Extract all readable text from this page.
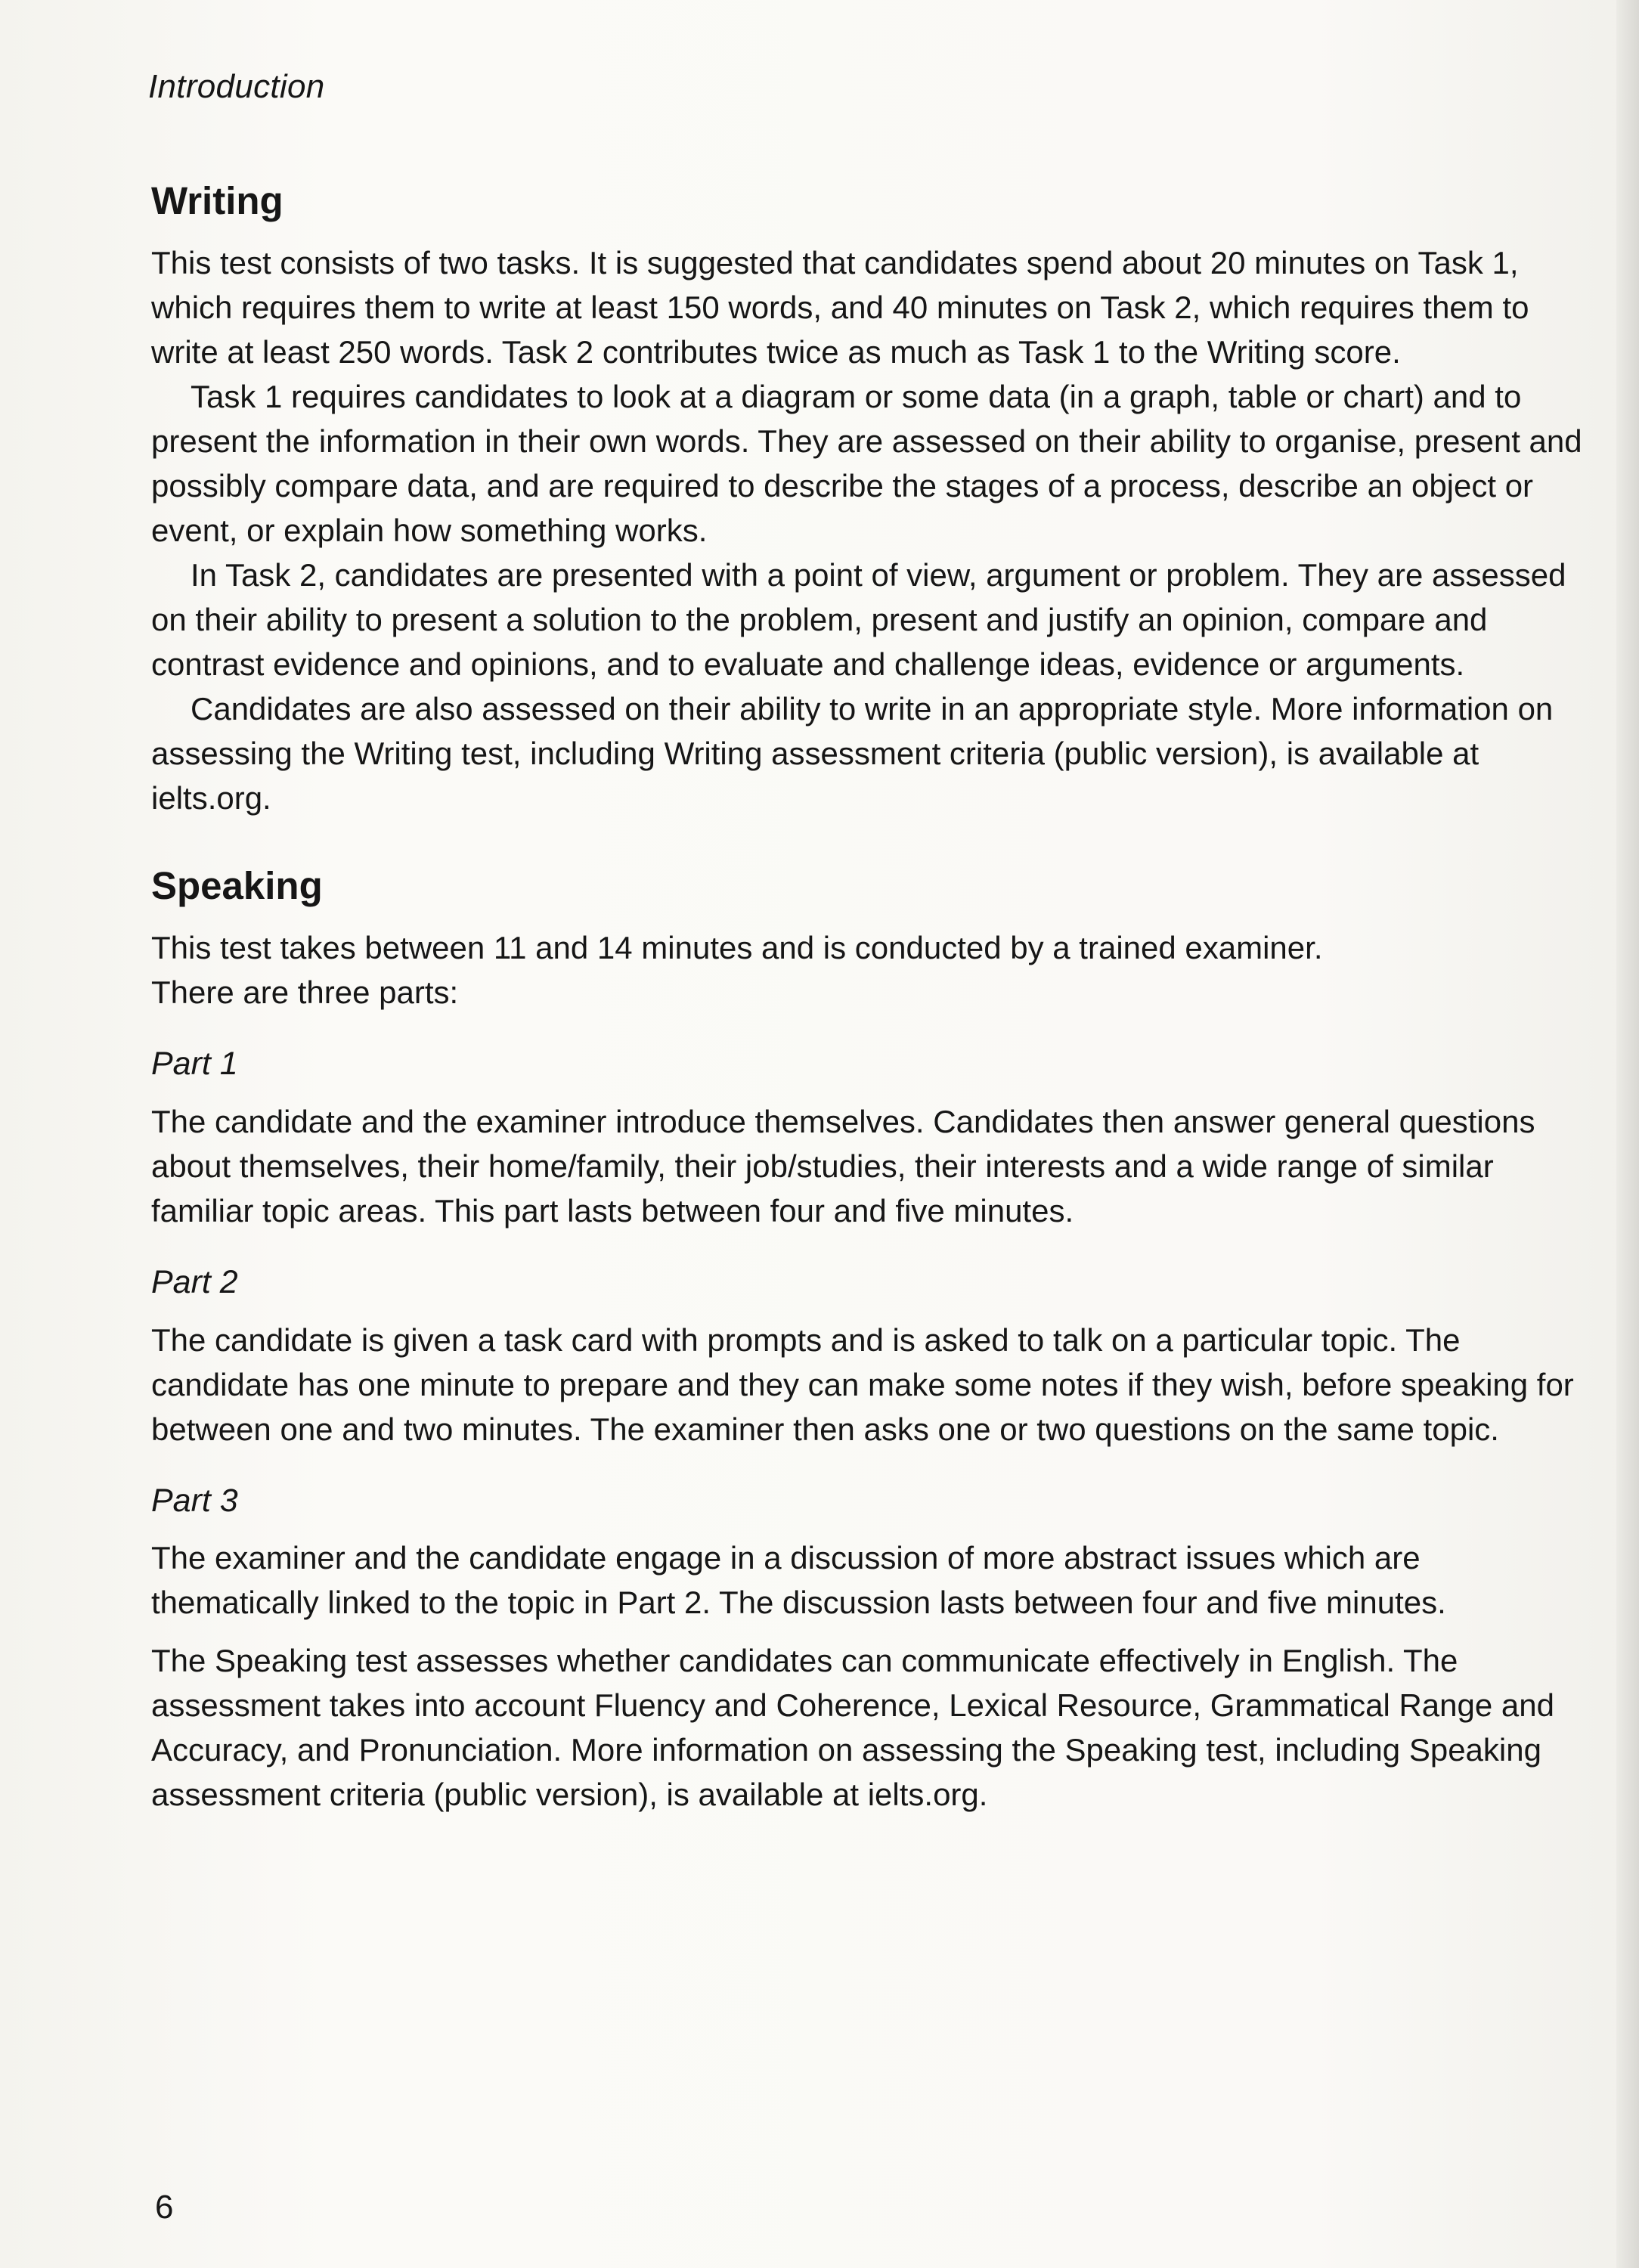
Introduction
Writing

This test consists of two tasks. It is suggested that candidates spend about 20 minutes on Task 1, which requires them to write at least 150 words, and 40 minutes on Task 2, which requires them to write at least 250 words. Task 2 contributes twice as much as Task 1 to the Writing score.

Task 1 requires candidates to look at a diagram or some data (in a graph, table or chart) and to present the information in their own words. They are assessed on their ability to organise, present and possibly compare data, and are required to describe the stages of a process, describe an object or event, or explain how something works.

In Task 2, candidates are presented with a point of view, argument or problem. They are assessed on their ability to present a solution to the problem, present and justify an opinion, compare and contrast evidence and opinions, and to evaluate and challenge ideas, evidence or arguments.

Candidates are also assessed on their ability to write in an appropriate style. More information on assessing the Writing test, including Writing assessment criteria (public version), is available at ielts.org.

Speaking

This test takes between 11 and 14 minutes and is conducted by a trained examiner.

There are three parts:

Part 1

The candidate and the examiner introduce themselves. Candidates then answer general questions about themselves, their home/family, their job/studies, their interests and a wide range of similar familiar topic areas. This part lasts between four and five minutes.

Part 2

The candidate is given a task card with prompts and is asked to talk on a particular topic. The candidate has one minute to prepare and they can make some notes if they wish, before speaking for between one and two minutes. The examiner then asks one or two questions on the same topic.

Part 3

The examiner and the candidate engage in a discussion of more abstract issues which are thematically linked to the topic in Part 2. The discussion lasts between four and five minutes.

The Speaking test assesses whether candidates can communicate effectively in English. The assessment takes into account Fluency and Coherence, Lexical Resource, Grammatical Range and Accuracy, and Pronunciation. More information on assessing the Speaking test, including Speaking assessment criteria (public version), is available at ielts.org.

6
